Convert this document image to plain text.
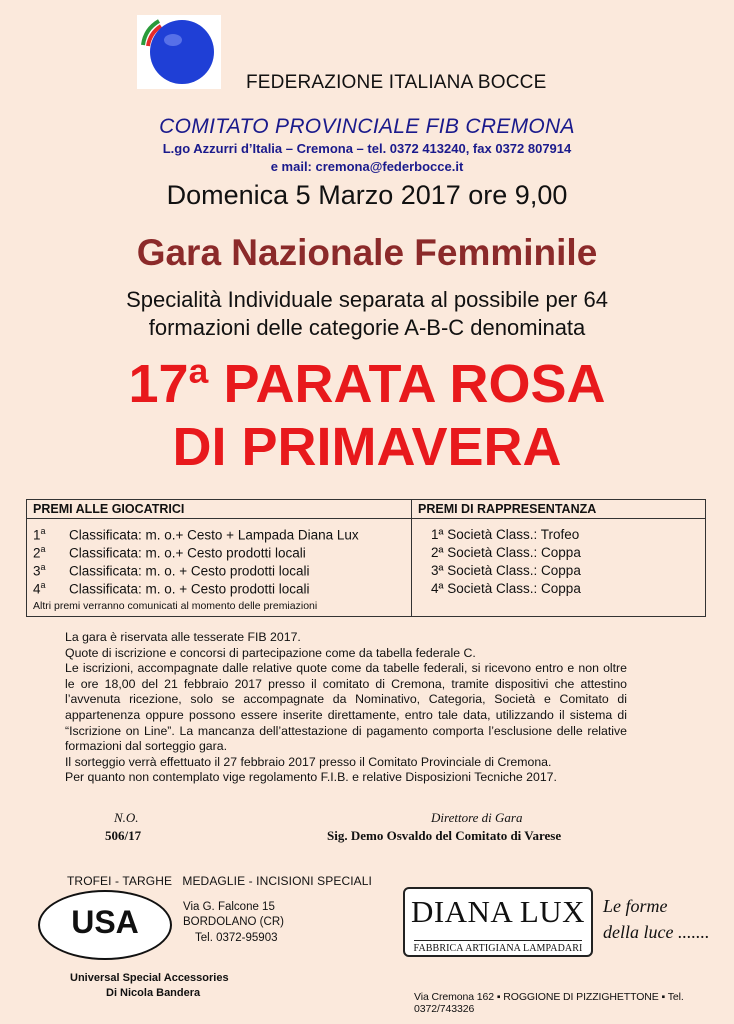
FEDERAZIONE ITALIANA BOCCE
COMITATO PROVINCIALE FIB CREMONA
L.go Azzurri d’Italia – Cremona – tel. 0372 413240, fax 0372 807914
e mail: cremona@federbocce.it
Domenica 5 Marzo 2017 ore 9,00
Gara Nazionale Femminile
Specialità Individuale separata al possibile per 64
formazioni delle categorie A-B-C denominata
17ª PARATA ROSA
DI PRIMAVERA
PREMI ALLE GIOCATRICI	PREMI DI RAPPRESENTANZA
1$^a$ Classificata: m. o.+ Cesto + Lampada Diana Lux
2$^a$ Classificata: m. o.+ Cesto prodotti locali
3$^a$ Classificata: m. o. + Cesto prodotti locali
4$^a$ Classificata: m. o. + Cesto prodotti locali
1ª Società Class.: Trofeo
2ª Società Class.: Coppa
3ª Società Class.: Coppa
4ª Società Class.: Coppa
Altri premi verranno comunicati al momento delle premiazioni

La gara è riservata alle tesserate FIB 2017.

Quote di iscrizione e concorsi di partecipazione come da tabella federale C.

Le iscrizioni, accompagnate dalle relative quote come da tabelle federali, si ricevono entro e non oltre le ore 18,00 del 21 febbraio 2017 presso il comitato di Cremona, tramite dispositivi che attestino l’avvenuta ricezione, solo se accompagnate da Nominativo, Categoria, Società e Comitato di appartenenza oppure possono essere inserite direttamente, entro tale data, utilizzando il sistema di “Iscrizione on Line”. La mancanza dell’attestazione di pagamento comporta l’esclusione delle relative formazioni dal sorteggio gara.

Il sorteggio verrà effettuato il 27 febbraio 2017 presso il Comitato Provinciale di Cremona.

Per quanto non contemplato vige regolamento F.I.B. e relative Disposizioni Tecniche 2017.

N.O.
506/17
Direttore di Gara
Sig. Demo Osvaldo del Comitato di Varese
TROFEI - TARGHE   MEDAGLIE - INCISIONI SPECIALI
USA	Via G. Falcone 15
BORDOLANO (CR)
Tel. 0372-95903
Universal Special Accessories
Di Nicola Bandera
DIANA LUX
FABBRICA ARTIGIANA LAMPADARI
Le forme
della luce .......
Via Cremona 162 ▪ ROGGIONE DI PIZZIGHETTONE ▪ Tel. 0372/743326
